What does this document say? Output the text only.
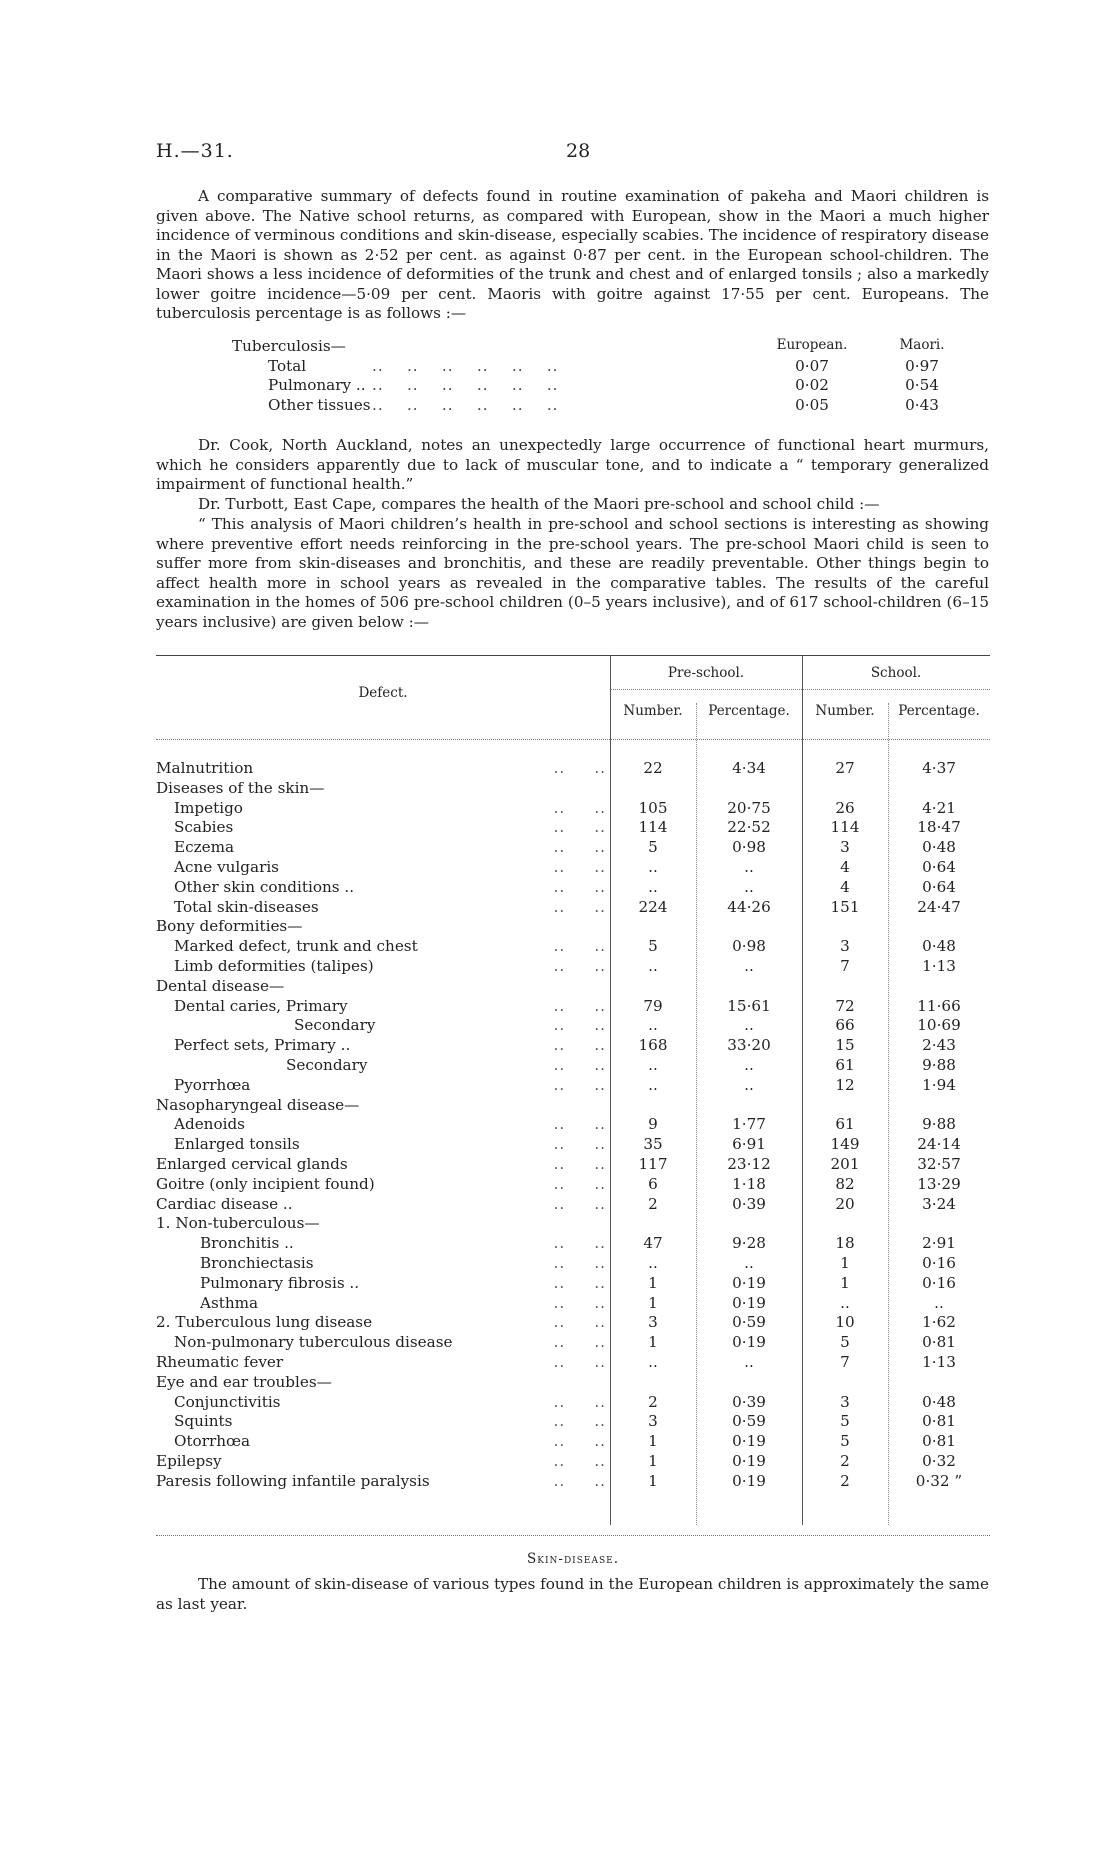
H.—31.	28

A comparative summary of defects found in routine examination of pakeha and Maori children is given above. The Native school returns, as compared with European, show in the Maori a much higher incidence of verminous conditions and skin-disease, especially scabies. The incidence of respiratory disease in the Maori is shown as 2·52 per cent. as against 0·87 per cent. in the European school-children. The Maori shows a less incidence of deformities of the trunk and chest and of enlarged tonsils ; also a markedly lower goitre incidence—5·09 per cent. Maoris with goitre against 17·55 per cent. Europeans. The tuberculosis percentage is as follows :—

Tuberculosis—	European.	Maori.
Total	..    ..    ..    ..    ..    ..	0·07	0·97
Pulmonary .. ..    ..    ..    ..    ..    ..	0·02	0·54
Other tissues ..    ..    ..    ..    ..    ..	0·05	0·43

Dr. Cook, North Auckland, notes an unexpectedly large occurrence of functional heart murmurs, which he considers apparently due to lack of muscular tone, and to indicate a “ temporary generalized impairment of functional health.”

Dr. Turbott, East Cape, compares the health of the Maori pre-school and school child :—

“ This analysis of Maori children’s health in pre-school and school sections is interesting as showing where preventive effort needs reinforcing in the pre-school years. The pre-school Maori child is seen to suffer more from skin-diseases and bronchitis, and these are readily preventable. Other things begin to affect health more in school years as revealed in the comparative tables. The results of the careful examination in the homes of 506 pre-school children (0–5 years inclusive), and of 617 school-children (6–15 years inclusive) are given below :—

Defect.
Pre-school.	School.
Number.	Percentage.	Number.	Percentage.
Malnutrition	..     ..	22	4·34	27	4·37
Diseases of the skin—
Impetigo	..     ..	105	20·75	26	4·21
Scabies	..     ..	114	22·52	114	18·47
Eczema	..     ..	5	0·98	3	0·48
Acne vulgaris	..     ..	..	..	4	0·64
Other skin conditions ..	..     ..	..	..	4	0·64
Total skin-diseases	..     ..	224	44·26	151	24·47
Bony deformities—
Marked defect, trunk and chest	..     ..	5	0·98	3	0·48
Limb deformities (talipes)	..     ..	..	..	7	1·13
Dental disease—
Dental caries, Primary	..     ..	79	15·61	72	11·66
Secondary	..     ..	..	..	66	10·69
Perfect sets, Primary ..	..     ..	168	33·20	15	2·43
Secondary	..     ..	..	..	61	9·88
Pyorrhœa	..     ..	..	..	12	1·94
Nasopharyngeal disease—
Adenoids	..     ..	9	1·77	61	9·88
Enlarged tonsils	..     ..	35	6·91	149	24·14
Enlarged cervical glands	..     ..	117	23·12	201	32·57
Goitre (only incipient found)	..     ..	6	1·18	82	13·29
Cardiac disease ..	..     ..	2	0·39	20	3·24
1. Non-tuberculous—
Bronchitis ..	..     ..	47	9·28	18	2·91
Bronchiectasis	..     ..	..	..	1	0·16
Pulmonary fibrosis ..	..     ..	1	0·19	1	0·16
Asthma	..     ..	1	0·19	..	..
2. Tuberculous lung disease	..     ..	3	0·59	10	1·62
Non-pulmonary tuberculous disease	..     ..	1	0·19	5	0·81
Rheumatic fever	..     ..	..	..	7	1·13
Eye and ear troubles—
Conjunctivitis	..     ..	2	0·39	3	0·48
Squints	..     ..	3	0·59	5	0·81
Otorrhœa	..     ..	1	0·19	5	0·81
Epilepsy	..     ..	1	0·19	2	0·32
Paresis following infantile paralysis	..     ..	1	0·19	2	0·32 ”
Skin-disease.

The amount of skin-disease of various types found in the European children is approximately the same as last year.
